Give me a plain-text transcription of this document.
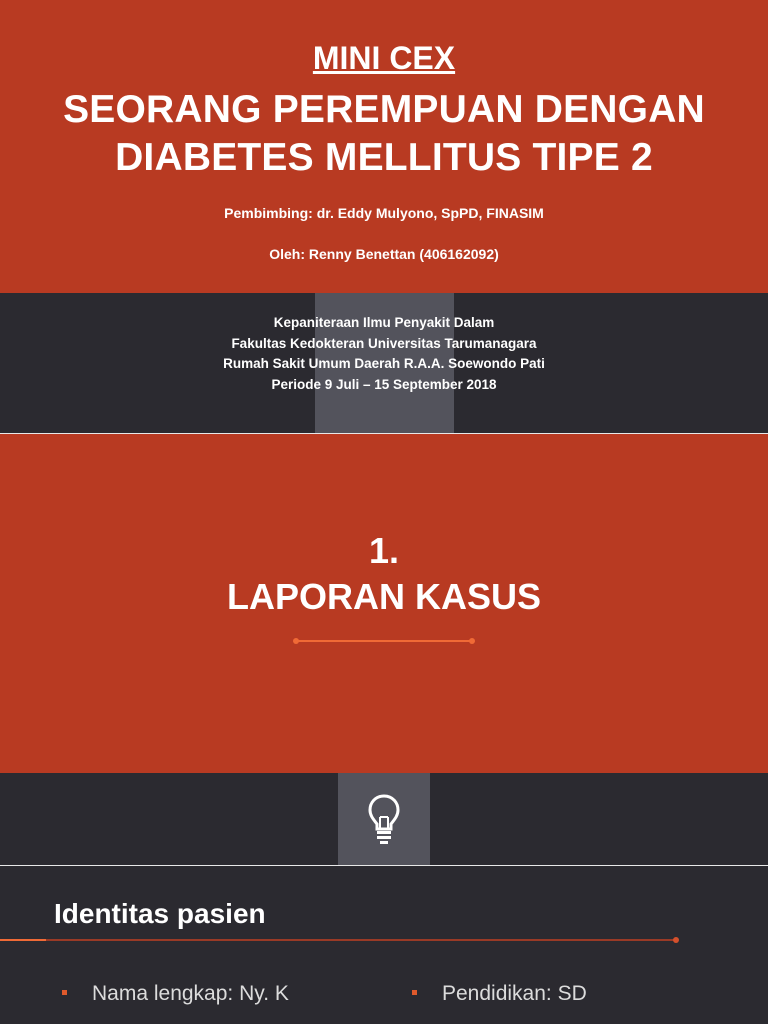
MINI CEX
SEORANG PEREMPUAN DENGAN
DIABETES MELLITUS TIPE 2
Pembimbing: dr. Eddy Mulyono, SpPD, FINASIM
Oleh: Renny Benettan (406162092)
Kepaniteraan Ilmu Penyakit Dalam
Fakultas Kedokteran Universitas Tarumanagara
Rumah Sakit Umum Daerah R.A.A. Soewondo Pati
Periode 9 Juli – 15 September 2018
1.
LAPORAN KASUS
Identitas pasien
Nama lengkap: Ny. K	Pendidikan: SD
